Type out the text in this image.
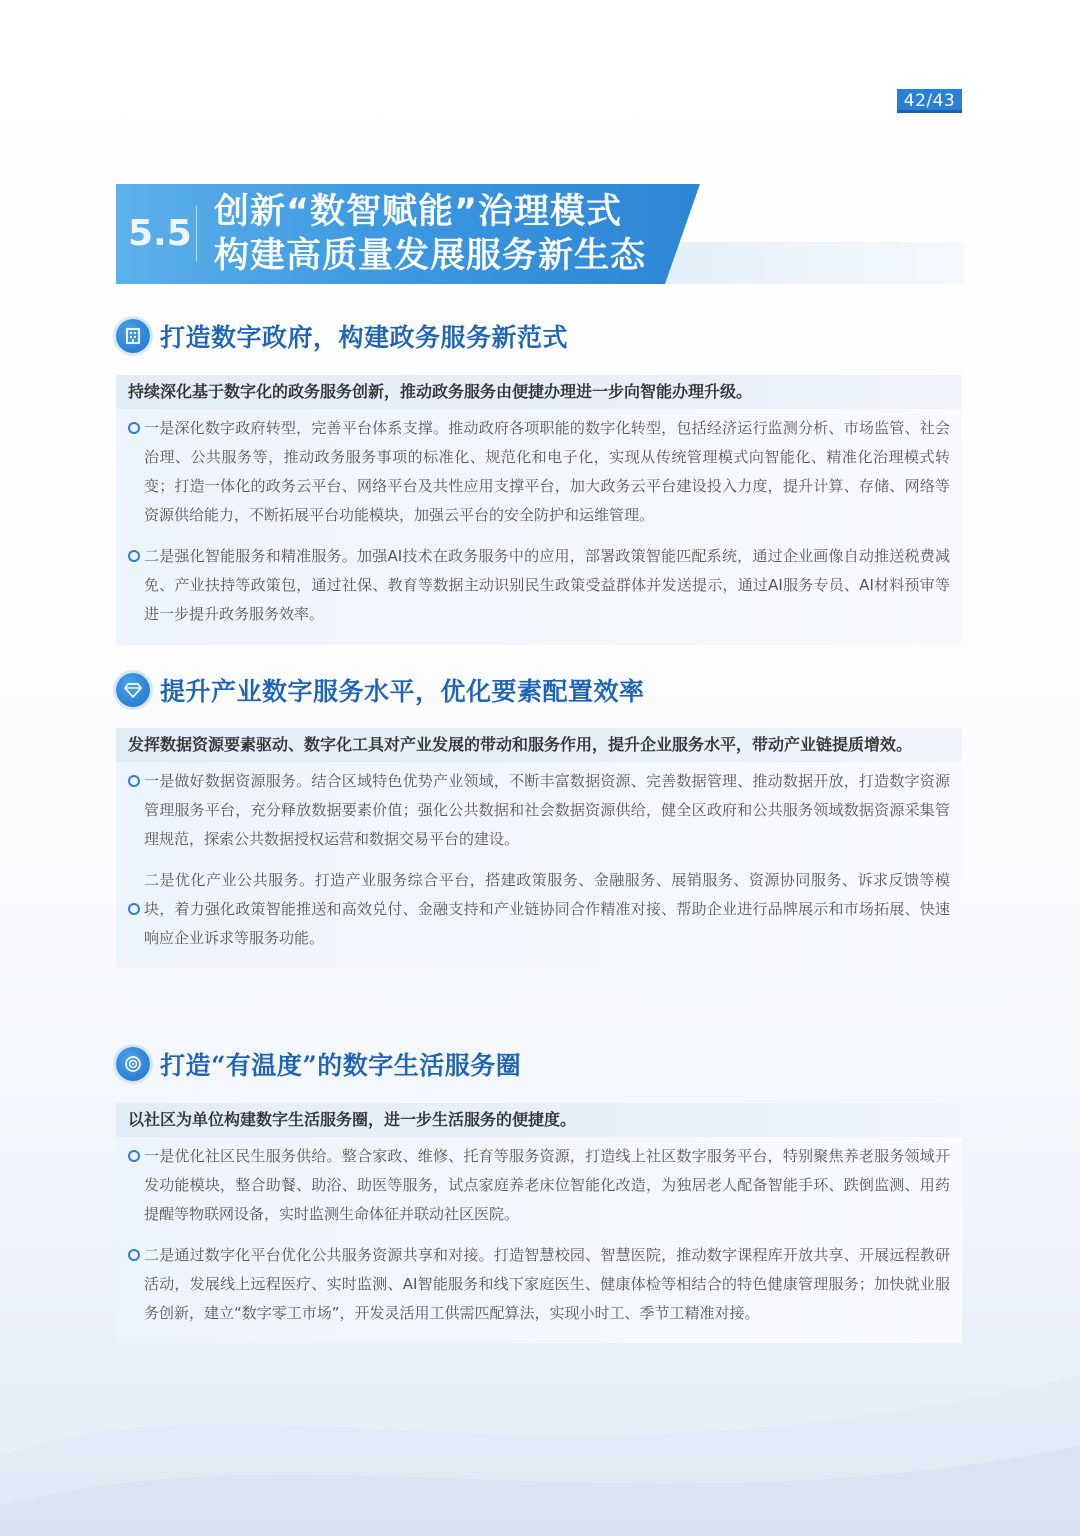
42/43
5.5
创新“数智赋能”治理模式
构建高质量发展服务新生态
打造数字政府，构建政务服务新范式
持续深化基于数字化的政务服务创新，推动政务服务由便捷办理进一步向智能办理升级。
一是深化数字政府转型，完善平台体系支撑。推动政府各项职能的数字化转型，包括经济运行监测分析、市场监管、社会治理、公共服务等，推动政务服务事项的标准化、规范化和电子化，实现从传统管理模式向智能化、精准化治理模式转变；打造一体化的政务云平台、网络平台及共性应用支撑平台，加大政务云平台建设投入力度，提升计算、存储、网络等资源供给能力，不断拓展平台功能模块，加强云平台的安全防护和运维管理。
二是强化智能服务和精准服务。加强AI技术在政务服务中的应用，部署政策智能匹配系统，通过企业画像自动推送税费减免、产业扶持等政策包，通过社保、教育等数据主动识别民生政策受益群体并发送提示，通过AI服务专员、AI材料预审等进一步提升政务服务效率。
提升产业数字服务水平，优化要素配置效率
发挥数据资源要素驱动、数字化工具对产业发展的带动和服务作用，提升企业服务水平，带动产业链提质增效。
一是做好数据资源服务。结合区域特色优势产业领域，不断丰富数据资源、完善数据管理、推动数据开放，打造数字资源管理服务平台，充分释放数据要素价值；强化公共数据和社会数据资源供给，健全区政府和公共服务领域数据资源采集管理规范，探索公共数据授权运营和数据交易平台的建设。
二是优化产业公共服务。打造产业服务综合平台，搭建政策服务、金融服务、展销服务、资源协同服务、诉求反馈等模块，着力强化政策智能推送和高效兑付、金融支持和产业链协同合作精准对接、帮助企业进行品牌展示和市场拓展、快速响应企业诉求等服务功能。
打造“有温度”的数字生活服务圈
以社区为单位构建数字生活服务圈，进一步生活服务的便捷度。
一是优化社区民生服务供给。整合家政、维修、托育等服务资源，打造线上社区数字服务平台，特别聚焦养老服务领域开发功能模块，整合助餐、助浴、助医等服务，试点家庭养老床位智能化改造，为独居老人配备智能手环、跌倒监测、用药提醒等物联网设备，实时监测生命体征并联动社区医院。
二是通过数字化平台优化公共服务资源共享和对接。打造智慧校园、智慧医院，推动数字课程库开放共享、开展远程教研活动，发展线上远程医疗、实时监测、AI智能服务和线下家庭医生、健康体检等相结合的特色健康管理服务；加快就业服务创新，建立“数字零工市场”，开发灵活用工供需匹配算法，实现小时工、季节工精准对接。
